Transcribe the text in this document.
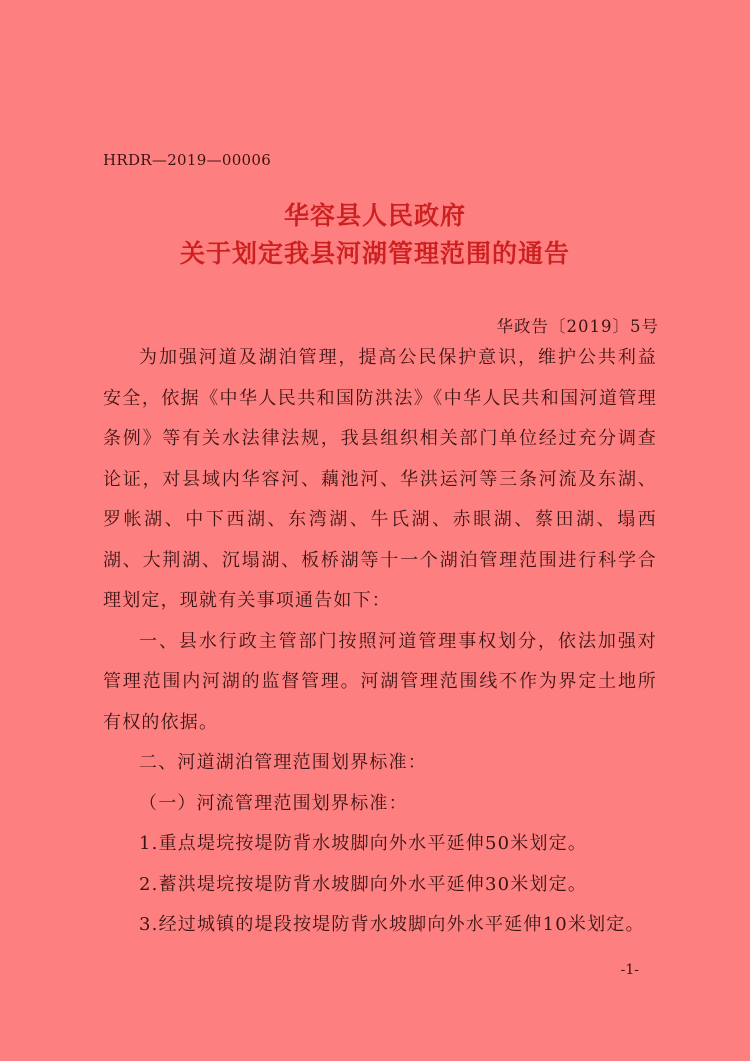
HRDR—2019—00006
华容县人民政府
关于划定我县河湖管理范围的通告
华政告〔2019〕5号

为加强河道及湖泊管理，提高公民保护意识，维护公共利益安全，依据《中华人民共和国防洪法》《中华人民共和国河道管理条例》等有关水法律法规，我县组织相关部门单位经过充分调查论证，对县域内华容河、藕池河、华洪运河等三条河流及东湖、罗帐湖、中下西湖、东湾湖、牛氏湖、赤眼湖、蔡田湖、塌西湖、大荆湖、沉塌湖、板桥湖等十一个湖泊管理范围进行科学合理划定，现就有关事项通告如下：

一、县水行政主管部门按照河道管理事权划分，依法加强对管理范围内河湖的监督管理。河湖管理范围线不作为界定土地所有权的依据。

二、河道湖泊管理范围划界标准：

（一）河流管理范围划界标准：

1.重点堤垸按堤防背水坡脚向外水平延伸50米划定。

2.蓄洪堤垸按堤防背水坡脚向外水平延伸30米划定。

3.经过城镇的堤段按堤防背水坡脚向外水平延伸10米划定。

-1-
